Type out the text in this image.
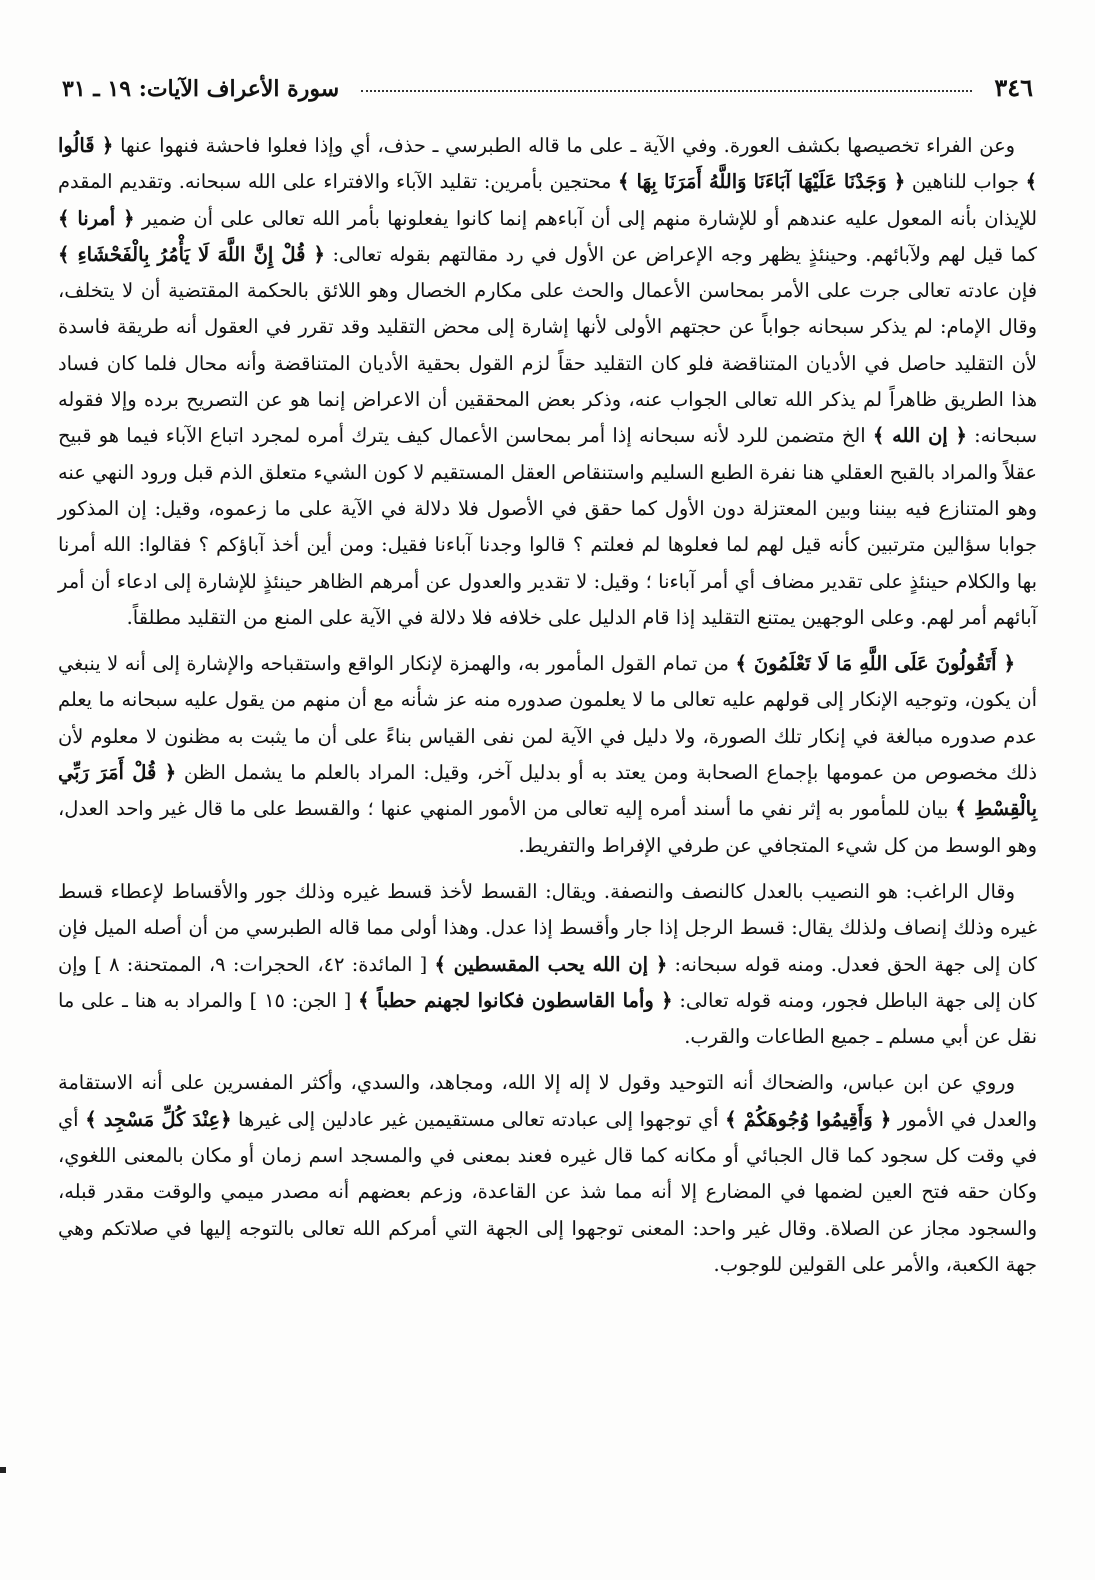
٣٤٦
سورة الأعراف الآيات: ١٩ ـ ٣١

وعن الفراء تخصيصها بكشف العورة. وفي الآية ـ على ما قاله الطبرسي ـ حذف، أي وإذا فعلوا فاحشة فنهوا عنها ﴿ قَالُوا ﴾ جواب للناهين ﴿ وَجَدْنَا عَلَيْهَا آبَاءَنَا وَاللَّهُ أَمَرَنَا بِهَا ﴾ محتجين بأمرين: تقليد الآباء والافتراء على الله سبحانه. وتقديم المقدم للإيذان بأنه المعول عليه عندهم أو للإشارة منهم إلى أن آباءهم إنما كانوا يفعلونها بأمر الله تعالى على أن ضمير ﴿ أمرنا ﴾ كما قيل لهم ولآبائهم. وحينئذٍ يظهر وجه الإعراض عن الأول في رد مقالتهم بقوله تعالى: ﴿ قُلْ إِنَّ اللَّهَ لَا يَأْمُرُ بِالْفَحْشَاءِ ﴾ فإن عادته تعالى جرت على الأمر بمحاسن الأعمال والحث على مكارم الخصال وهو اللائق بالحكمة المقتضية أن لا يتخلف، وقال الإمام: لم يذكر سبحانه جواباً عن حجتهم الأولى لأنها إشارة إلى محض التقليد وقد تقرر في العقول أنه طريقة فاسدة لأن التقليد حاصل في الأديان المتناقضة فلو كان التقليد حقاً لزم القول بحقية الأديان المتناقضة وأنه محال فلما كان فساد هذا الطريق ظاهراً لم يذكر الله تعالى الجواب عنه، وذكر بعض المحققين أن الاعراض إنما هو عن التصريح برده وإلا فقوله سبحانه: ﴿ إن الله ﴾ الخ متضمن للرد لأنه سبحانه إذا أمر بمحاسن الأعمال كيف يترك أمره لمجرد اتباع الآباء فيما هو قبيح عقلاً والمراد بالقبح العقلي هنا نفرة الطبع السليم واستنقاص العقل المستقيم لا كون الشيء متعلق الذم قبل ورود النهي عنه وهو المتنازع فيه بيننا وبين المعتزلة دون الأول كما حقق في الأصول فلا دلالة في الآية على ما زعموه، وقيل: إن المذكور جوابا سؤالين مترتبين كأنه قيل لهم لما فعلوها لم فعلتم ؟ قالوا وجدنا آباءنا فقيل: ومن أين أخذ آباؤكم ؟ فقالوا: الله أمرنا بها والكلام حينئذٍ على تقدير مضاف أي أمر آباءنا ؛ وقيل: لا تقدير والعدول عن أمرهم الظاهر حينئذٍ للإشارة إلى ادعاء أن أمر آبائهم أمر لهم. وعلى الوجهين يمتنع التقليد إذا قام الدليل على خلافه فلا دلالة في الآية على المنع من التقليد مطلقاً.

﴿ أَتَقُولُونَ عَلَى اللَّهِ مَا لَا تَعْلَمُونَ ﴾ من تمام القول المأمور به، والهمزة لإنكار الواقع واستقباحه والإشارة إلى أنه لا ينبغي أن يكون، وتوجيه الإنكار إلى قولهم عليه تعالى ما لا يعلمون صدوره منه عز شأنه مع أن منهم من يقول عليه سبحانه ما يعلم عدم صدوره مبالغة في إنكار تلك الصورة، ولا دليل في الآية لمن نفى القياس بناءً على أن ما يثبت به مظنون لا معلوم لأن ذلك مخصوص من عمومها بإجماع الصحابة ومن يعتد به أو بدليل آخر، وقيل: المراد بالعلم ما يشمل الظن ﴿ قُلْ أَمَرَ رَبِّي بِالْقِسْطِ ﴾ بيان للمأمور به إثر نفي ما أسند أمره إليه تعالى من الأمور المنهي عنها ؛ والقسط على ما قال غير واحد العدل، وهو الوسط من كل شيء المتجافي عن طرفي الإفراط والتفريط.

وقال الراغب: هو النصيب بالعدل كالنصف والنصفة. ويقال: القسط لأخذ قسط غيره وذلك جور والأقساط لإعطاء قسط غيره وذلك إنصاف ولذلك يقال: قسط الرجل إذا جار وأقسط إذا عدل. وهذا أولى مما قاله الطبرسي من أن أصله الميل فإن كان إلى جهة الحق فعدل. ومنه قوله سبحانه: ﴿ إن الله يحب المقسطين ﴾ [ المائدة: ٤٢، الحجرات: ٩، الممتحنة: ٨ ] وإن كان إلى جهة الباطل فجور، ومنه قوله تعالى: ﴿ وأما القاسطون فكانوا لجهنم حطباً ﴾ [ الجن: ١٥ ] والمراد به هنا ـ على ما نقل عن أبي مسلم ـ جميع الطاعات والقرب.

وروي عن ابن عباس، والضحاك أنه التوحيد وقول لا إله إلا الله، ومجاهد، والسدي، وأكثر المفسرين على أنه الاستقامة والعدل في الأمور ﴿ وَأَقِيمُوا وُجُوهَكُمْ ﴾ أي توجهوا إلى عبادته تعالى مستقيمين غير عادلين إلى غيرها ﴿عِنْدَ كُلِّ مَسْجِد ﴾ أي في وقت كل سجود كما قال الجبائي أو مكانه كما قال غيره فعند بمعنى في والمسجد اسم زمان أو مكان بالمعنى اللغوي، وكان حقه فتح العين لضمها في المضارع إلا أنه مما شذ عن القاعدة، وزعم بعضهم أنه مصدر ميمي والوقت مقدر قبله، والسجود مجاز عن الصلاة. وقال غير واحد: المعنى توجهوا إلى الجهة التي أمركم الله تعالى بالتوجه إليها في صلاتكم وهي جهة الكعبة، والأمر على القولين للوجوب.
